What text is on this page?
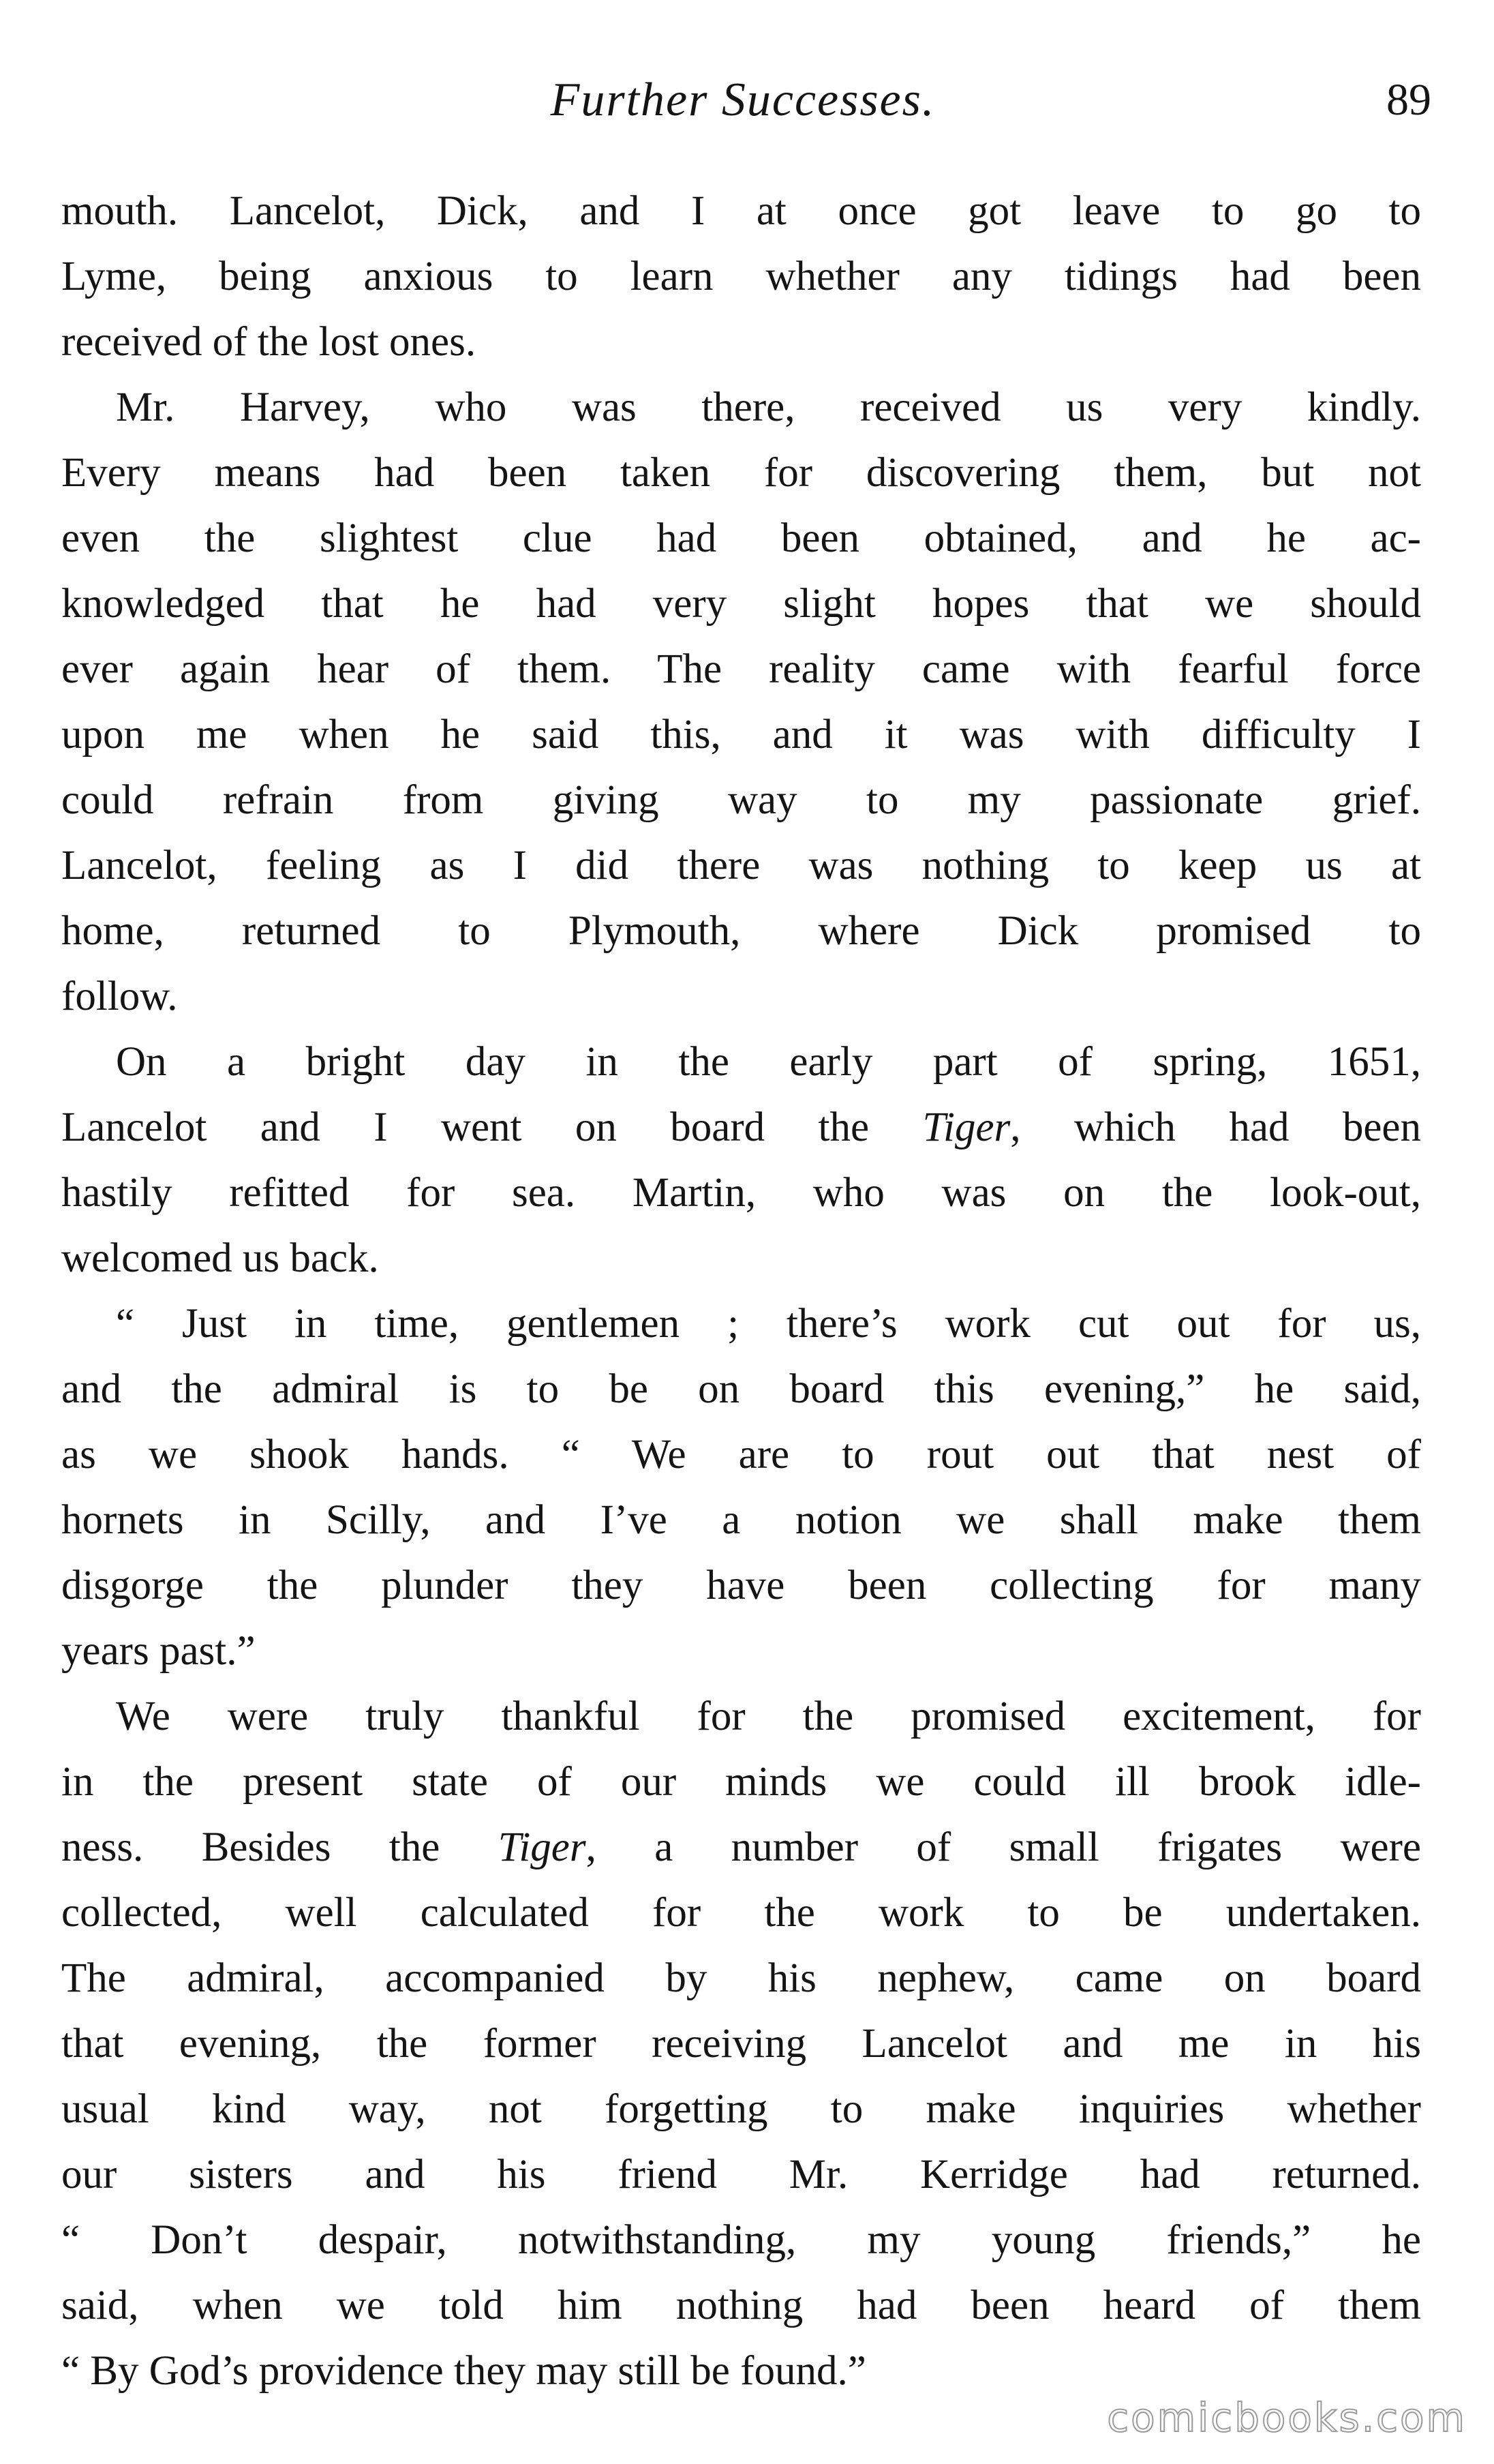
Further Successes.	89
mouth. Lancelot, Dick, and I at once got leave to go to
Lyme, being anxious to learn whether any tidings had been
received of the lost ones.
Mr. Harvey, who was there, received us very kindly.
Every means had been taken for discovering them, but not
even the slightest clue had been obtained, and he ac-
knowledged that he had very slight hopes that we should
ever again hear of them. The reality came with fearful force
upon me when he said this, and it was with difficulty I
could refrain from giving way to my passionate grief.
Lancelot, feeling as I did there was nothing to keep us at
home, returned to Plymouth, where Dick promised to
follow.
On a bright day in the early part of spring, 1651,
Lancelot and I went on board the Tiger, which had been
hastily refitted for sea. Martin, who was on the look-out,
welcomed us back.
“ Just in time, gentlemen ; there’s work cut out for us,
and the admiral is to be on board this evening,” he said,
as we shook hands. “ We are to rout out that nest of
hornets in Scilly, and I’ve a notion we shall make them
disgorge the plunder they have been collecting for many
years past.”
We were truly thankful for the promised excitement, for
in the present state of our minds we could ill brook idle-
ness. Besides the Tiger, a number of small frigates were
collected, well calculated for the work to be undertaken.
The admiral, accompanied by his nephew, came on board
that evening, the former receiving Lancelot and me in his
usual kind way, not forgetting to make inquiries whether
our sisters and his friend Mr. Kerridge had returned.
“ Don’t despair, notwithstanding, my young friends,” he
said, when we told him nothing had been heard of them
“ By God’s providence they may still be found.”
comicbooks.com
